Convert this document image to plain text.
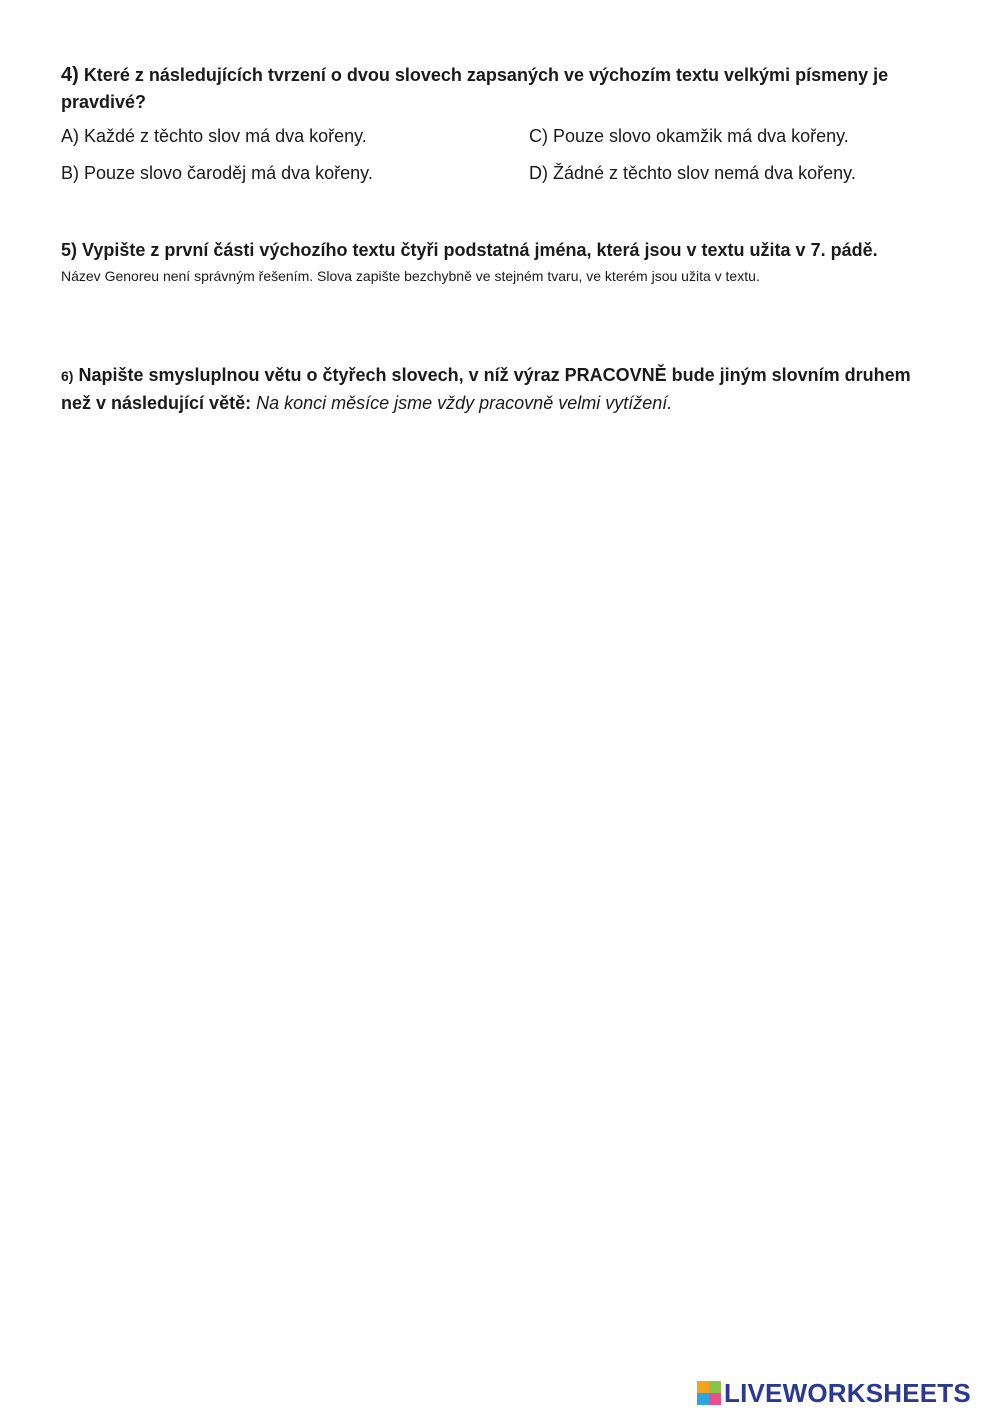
4) Které z následujících tvrzení o dvou slovech zapsaných ve výchozím textu velkými písmeny je pravdivé?

A) Každé z těchto slov má dva kořeny.	C) Pouze slovo okamžik má dva kořeny.
B) Pouze slovo čaroděj má dva kořeny.	D) Žádné z těchto slov nemá dva kořeny.

5) Vypište z první části výchozího textu čtyři podstatná jména, která jsou v textu užita v 7. pádě.

Název Genoreu není správným řešením. Slova zapište bezchybně ve stejném tvaru, ve kterém jsou užita v textu.

6) Napište smysluplnou větu o čtyřech slovech, v níž výraz PRACOVNĚ bude jiným slovním druhem než v následující větě: Na konci měsíce jsme vždy pracovně velmi vytížení.

LIVEWORKSHEETS
